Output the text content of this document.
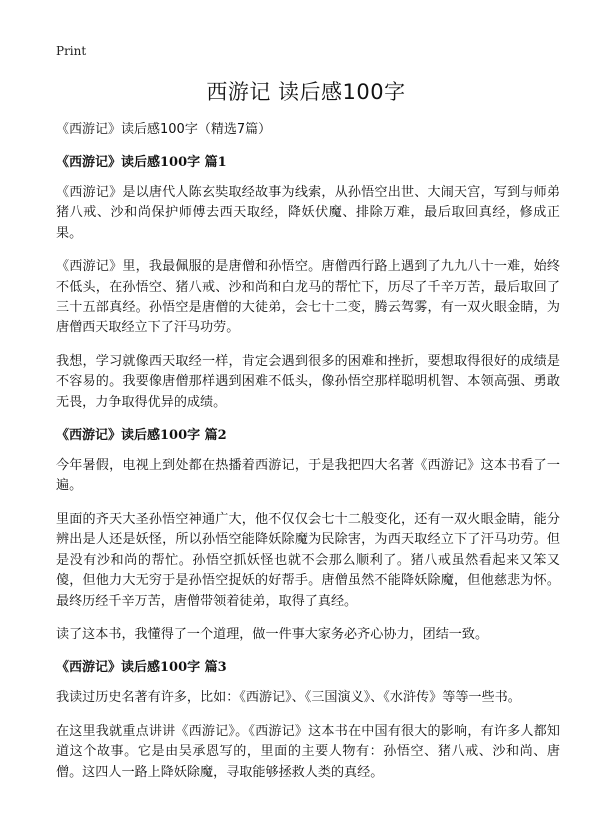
Print
西游记 读后感100字

《西游记》读后感100字（精选7篇）

《西游记》读后感100字 篇1

《西游记》是以唐代人陈玄奘取经故事为线索，从孙悟空出世、大闹天宫，写到与师弟猪八戒、沙和尚保护师傅去西天取经，降妖伏魔、排除万难，最后取回真经，修成正果。

《西游记》里，我最佩服的是唐僧和孙悟空。唐僧西行路上遇到了九九八十一难，始终不低头，在孙悟空、猪八戒、沙和尚和白龙马的帮忙下，历尽了千辛万苦，最后取回了三十五部真经。孙悟空是唐僧的大徒弟，会七十二变，腾云驾雾，有一双火眼金睛，为唐僧西天取经立下了汗马功劳。

我想，学习就像西天取经一样，肯定会遇到很多的困难和挫折，要想取得很好的成绩是不容易的。我要像唐僧那样遇到困难不低头，像孙悟空那样聪明机智、本领高强、勇敢无畏，力争取得优异的成绩。

《西游记》读后感100字 篇2

今年暑假，电视上到处都在热播着西游记，于是我把四大名著《西游记》这本书看了一遍。

里面的齐天大圣孙悟空神通广大，他不仅仅会七十二般变化，还有一双火眼金睛，能分辨出是人还是妖怪，所以孙悟空能降妖除魔为民除害，为西天取经立下了汗马功劳。但是没有沙和尚的帮忙。孙悟空抓妖怪也就不会那么顺利了。猪八戒虽然看起来又笨又傻，但他力大无穷于是孙悟空捉妖的好帮手。唐僧虽然不能降妖除魔，但他慈悲为怀。最终历经千辛万苦，唐僧带领着徒弟，取得了真经。

读了这本书，我懂得了一个道理，做一件事大家务必齐心协力，团结一致。

《西游记》读后感100字 篇3

我读过历史名著有许多，比如：《西游记》、《三国演义》、《水浒传》等等一些书。

在这里我就重点讲讲《西游记》。《西游记》这本书在中国有很大的影响，有许多人都知道这个故事。它是由吴承恩写的，里面的主要人物有：孙悟空、猪八戒、沙和尚、唐僧。这四人一路上降妖除魔，寻取能够拯救人类的真经。
